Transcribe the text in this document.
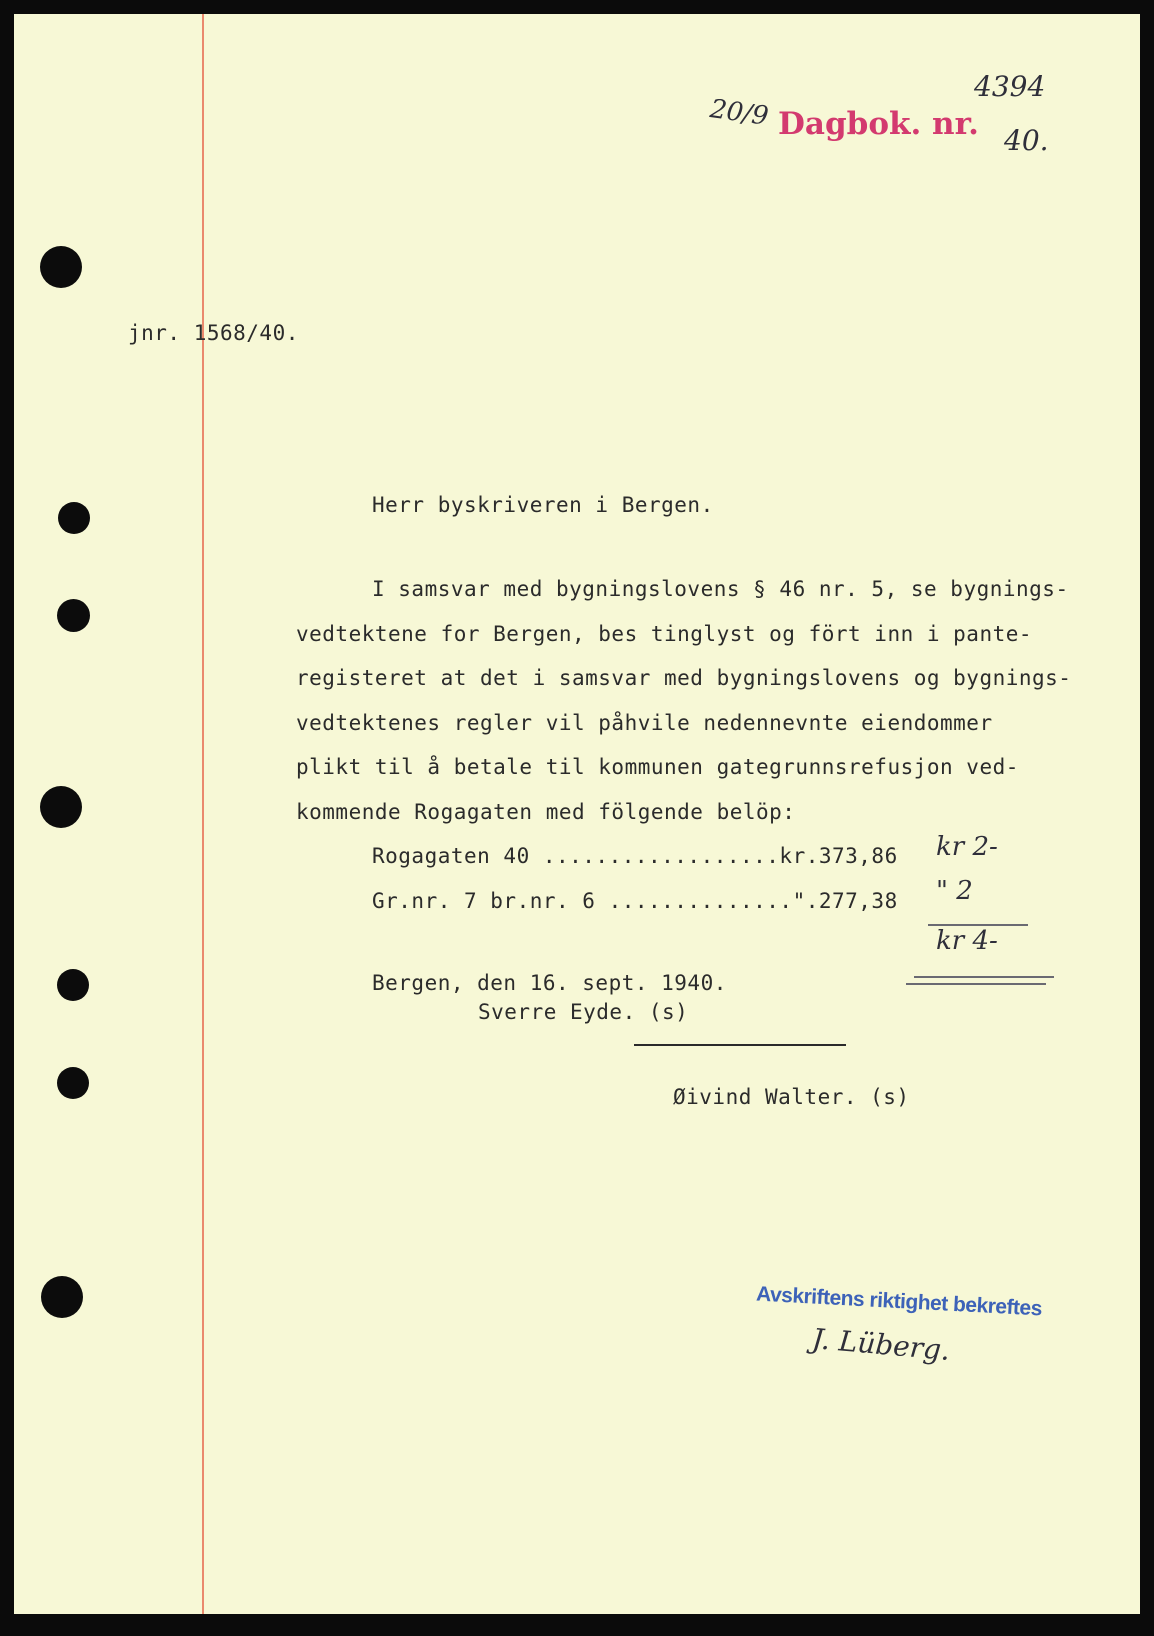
20/9 Dagbok. nr.
4394
40.
jnr. 1568/40.
Herr byskriveren i Bergen.
I samsvar med bygningslovens § 46 nr. 5, se bygnings-
vedtektene for Bergen, bes tinglyst og fört inn i pante-
registeret at det i samsvar med bygningslovens og bygnings-
vedtektenes regler vil påhvile nedennevnte eiendommer
plikt til å betale til kommunen gategrunnsrefusjon ved-
kommende Rogagaten med fölgende belöp:
Rogagaten 40 ..................kr.373,86 kr 2-
Gr.nr. 7 br.nr. 6 ..............".277,38 " 2
kr 4-
Bergen, den 16. sept. 1940.
Sverre Eyde. (s)
Øivind Walter. (s)
Avskriftens riktighet bekreftes
J. Lüberg.
